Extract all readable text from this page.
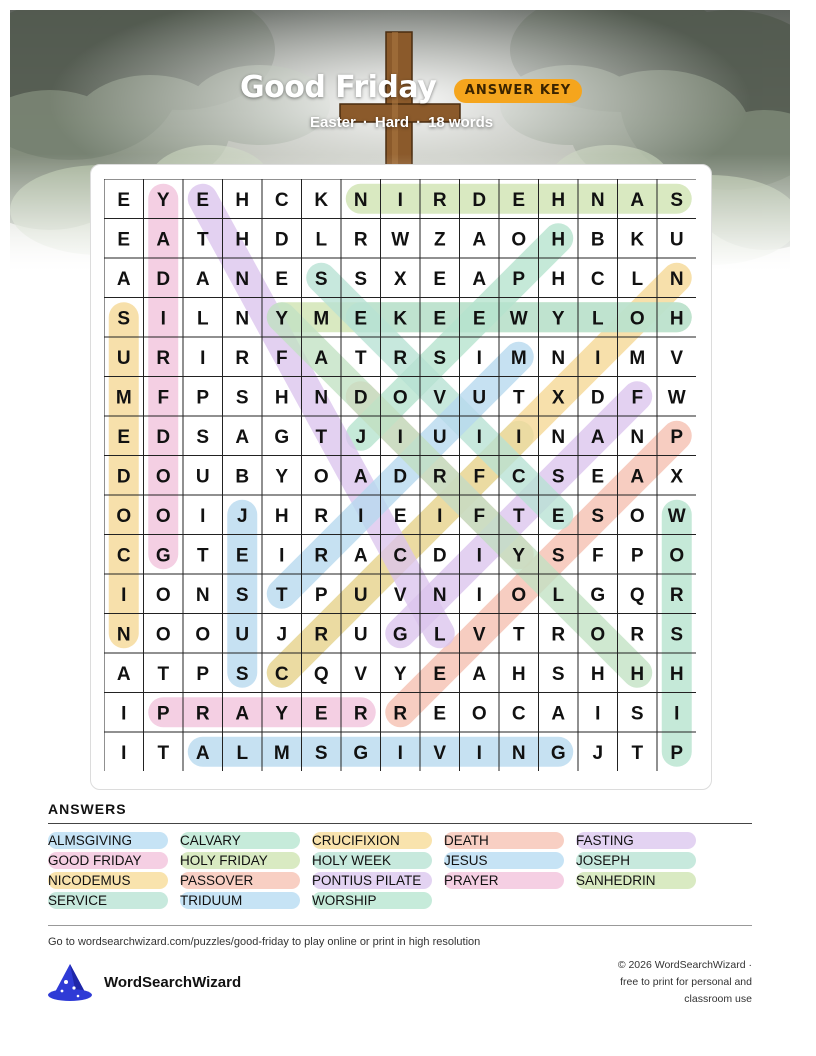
Good Friday	ANSWER KEY
Easter · Hard · 18 words
E Y E H C K N I R D E H N A S
E A T H D L R W Z A O H B K U
A D A N E S S X E A P H C L N
S I L N Y M E K E E W Y L O H
U R I R F A T R S I M N I M V
M F P S H N D O V U T X D F W
E D S A G T J I U I I N A N P
D O U B Y O A D R F C S E A X
O O I J H R I E I F T E S O W
C G T E I R A C D I Y S F P O
I O N S T P U V N I O L G Q R
N O O U J R U G L V T R O R S
A T P S C Q V Y E A H S H H H
I P R A Y E R R E O C A I S I
I T A L M S G I V I N G J T P
ANSWERS
ALMSGIVING
GOOD FRIDAY
NICODEMUS
SERVICE
CALVARY
HOLY FRIDAY
PASSOVER
TRIDUUM
CRUCIFIXION
HOLY WEEK
PONTIUS PILATE
WORSHIP
DEATH
JESUS
PRAYER
FASTING
JOSEPH
SANHEDRIN
Go to wordsearchwizard.com/puzzles/good-friday to play online or print in high resolution
WordSearchWizard
© 2026 WordSearchWizard ·
free to print for personal and
classroom use
